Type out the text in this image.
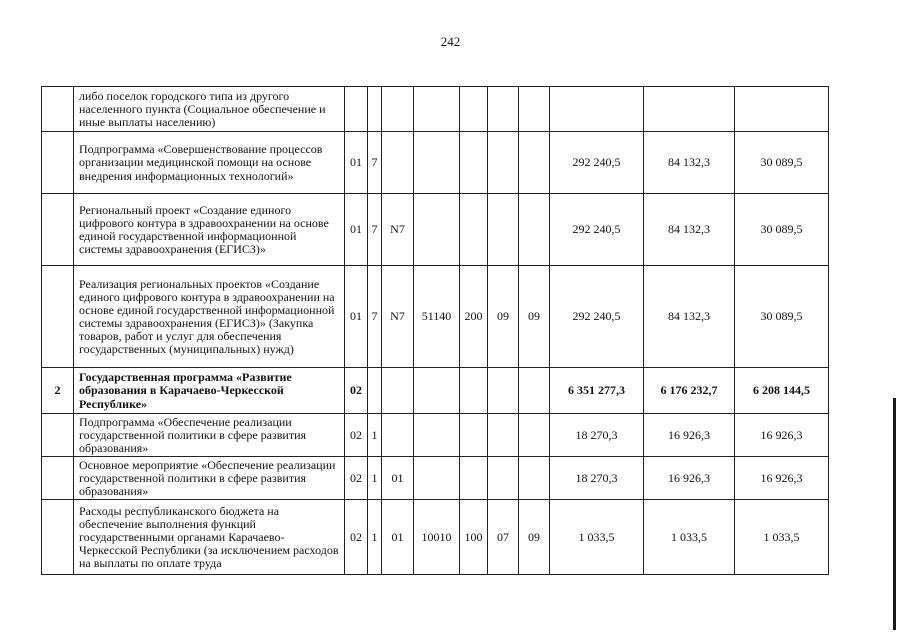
242
	либо поселок городского типа из другого населенного пункта (Социальное обеспечение и иные выплаты населению)										
	Подпрограмма «Совершенствование процессов организации медицинской помощи на основе внедрения информационных технологий»	01	7						292 240,5	84 132,3	30 089,5
	Региональный проект «Создание единого цифрового контура в здравоохранении на основе единой государственной информационной системы здравоохранения (ЕГИСЗ)»	01	7	N7					292 240,5	84 132,3	30 089,5
	Реализация региональных проектов «Создание единого цифрового контура в здравоохранении на основе единой государственной информационной системы здравоохранения (ЕГИСЗ)» (Закупка товаров, работ и услуг для обеспечения государственных (муниципальных) нужд)	01	7	N7	51140	200	09	09	292 240,5	84 132,3	30 089,5
2	Государственная программа «Развитие образования в Карачаево-Черкесской Республике»	02							6 351 277,3	6 176 232,7	6 208 144,5
	Подпрограмма «Обеспечение реализации государственной политики в сфере развития образования»	02	1						18 270,3	16 926,3	16 926,3
	Основное мероприятие «Обеспечение реализации государственной политики в сфере развития образования»	02	1	01					18 270,3	16 926,3	16 926,3
	Расходы республиканского бюджета на обеспечение выполнения функций государственными органами Карачаево-Черкесской Республики (за исключением расходов на выплаты по оплате труда	02	1	01	10010	100	07	09	1 033,5	1 033,5	1 033,5
